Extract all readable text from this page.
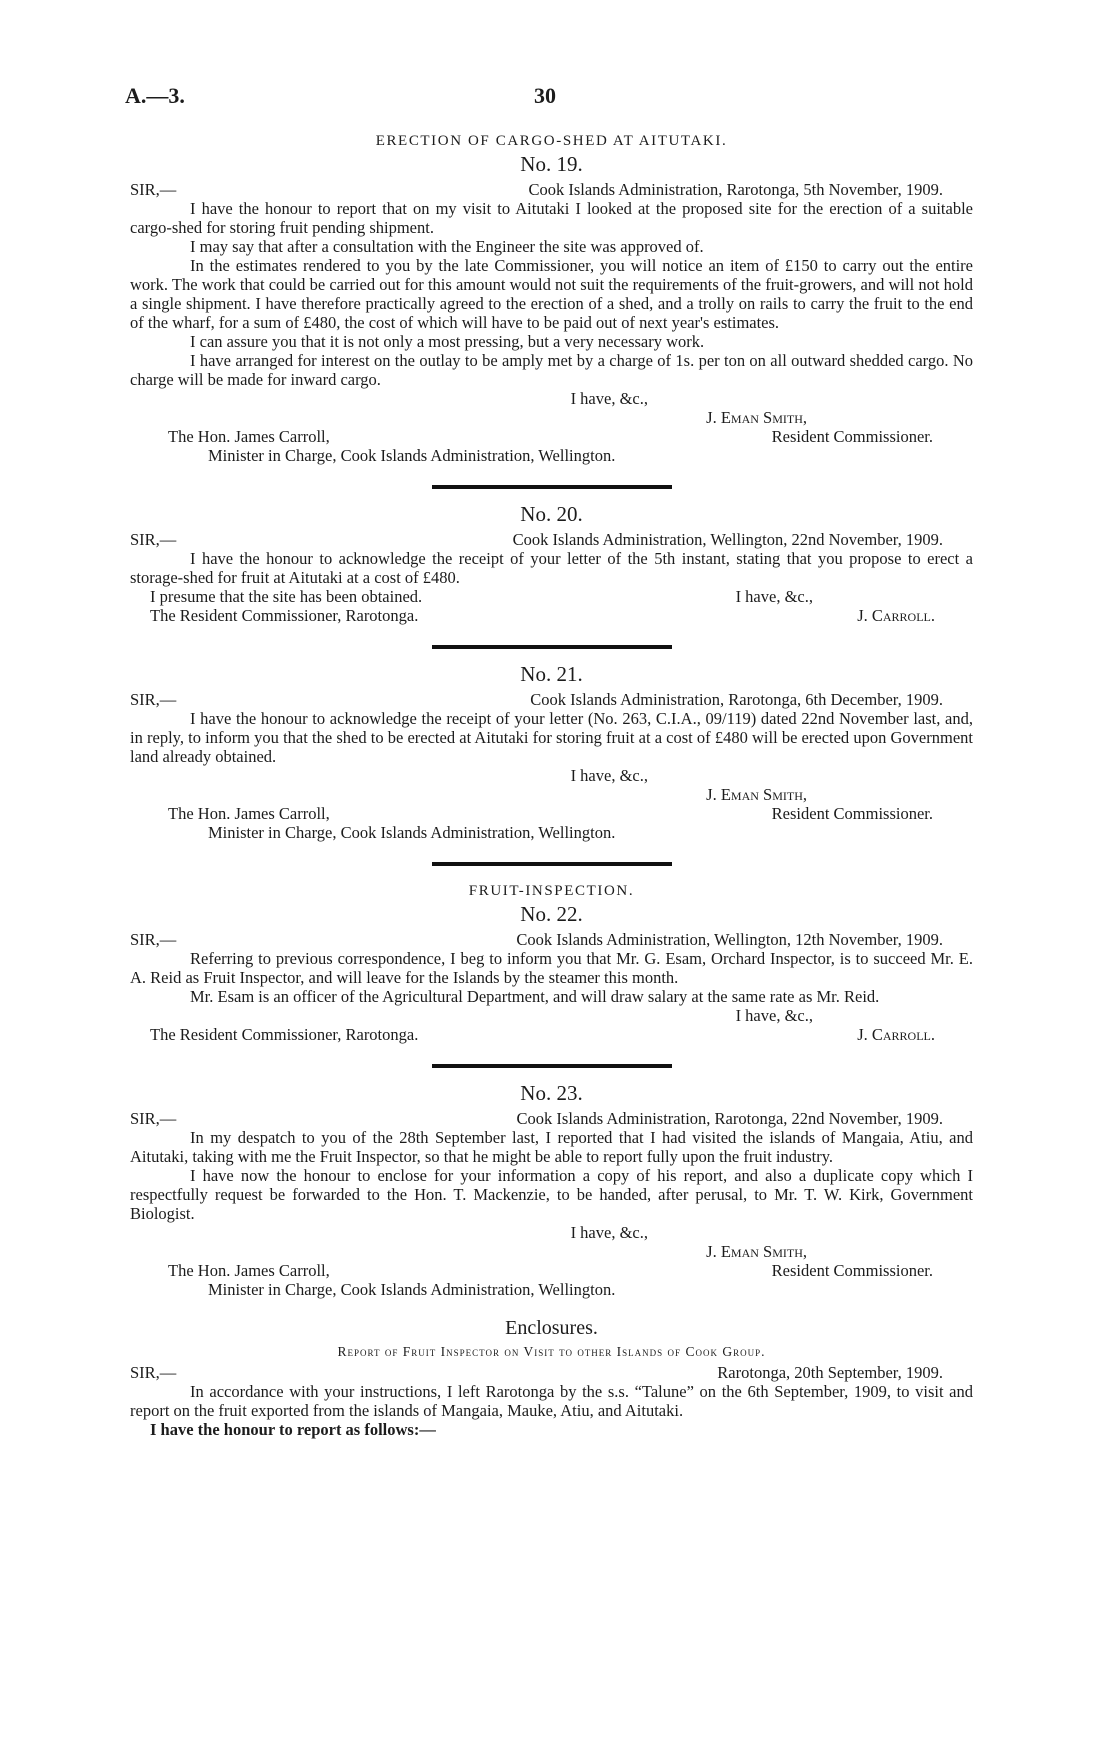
A.—3.	30
ERECTION OF CARGO-SHED AT AITUTAKI.
No. 19.
SIR,—	Cook Islands Administration, Rarotonga, 5th November, 1909.

I have the honour to report that on my visit to Aitutaki I looked at the proposed site for the erection of a suitable cargo-shed for storing fruit pending shipment.

I may say that after a consultation with the Engineer the site was approved of.

In the estimates rendered to you by the late Commissioner, you will notice an item of £150 to carry out the entire work. The work that could be carried out for this amount would not suit the requirements of the fruit-growers, and will not hold a single shipment. I have therefore practically agreed to the erection of a shed, and a trolly on rails to carry the fruit to the end of the wharf, for a sum of £480, the cost of which will have to be paid out of next year's estimates.

I can assure you that it is not only a most pressing, but a very necessary work.

I have arranged for interest on the outlay to be amply met by a charge of 1s. per ton on all outward shedded cargo. No charge will be made for inward cargo.

I have, &c.,
J. Eman Smith,
The Hon. James Carroll,	Resident Commissioner.
Minister in Charge, Cook Islands Administration, Wellington.
No. 20.
SIR,—	Cook Islands Administration, Wellington, 22nd November, 1909.

I have the honour to acknowledge the receipt of your letter of the 5th instant, stating that you propose to erect a storage-shed for fruit at Aitutaki at a cost of £480.

I presume that the site has been obtained.	I have, &c.,
The Resident Commissioner, Rarotonga.	J. Carroll.
No. 21.
SIR,—	Cook Islands Administration, Rarotonga, 6th December, 1909.

I have the honour to acknowledge the receipt of your letter (No. 263, C.I.A., 09/119) dated 22nd November last, and, in reply, to inform you that the shed to be erected at Aitutaki for storing fruit at a cost of £480 will be erected upon Government land already obtained.

I have, &c.,
J. Eman Smith,
The Hon. James Carroll,	Resident Commissioner.
Minister in Charge, Cook Islands Administration, Wellington.
FRUIT-INSPECTION.
No. 22.
SIR,—	Cook Islands Administration, Wellington, 12th November, 1909.

Referring to previous correspondence, I beg to inform you that Mr. G. Esam, Orchard Inspector, is to succeed Mr. E. A. Reid as Fruit Inspector, and will leave for the Islands by the steamer this month.

Mr. Esam is an officer of the Agricultural Department, and will draw salary at the same rate as Mr. Reid.

I have, &c.,
The Resident Commissioner, Rarotonga.	J. Carroll.
No. 23.
SIR,—	Cook Islands Administration, Rarotonga, 22nd November, 1909.

In my despatch to you of the 28th September last, I reported that I had visited the islands of Mangaia, Atiu, and Aitutaki, taking with me the Fruit Inspector, so that he might be able to report fully upon the fruit industry.

I have now the honour to enclose for your information a copy of his report, and also a duplicate copy which I respectfully request be forwarded to the Hon. T. Mackenzie, to be handed, after perusal, to Mr. T. W. Kirk, Government Biologist.

I have, &c.,
J. Eman Smith,
The Hon. James Carroll,	Resident Commissioner.
Minister in Charge, Cook Islands Administration, Wellington.
Enclosures.
Report of Fruit Inspector on Visit to other Islands of Cook Group.
SIR,—	Rarotonga, 20th September, 1909.

In accordance with your instructions, I left Rarotonga by the s.s. “Talune” on the 6th September, 1909, to visit and report on the fruit exported from the islands of Mangaia, Mauke, Atiu, and Aitutaki.

I have the honour to report as follows:—
